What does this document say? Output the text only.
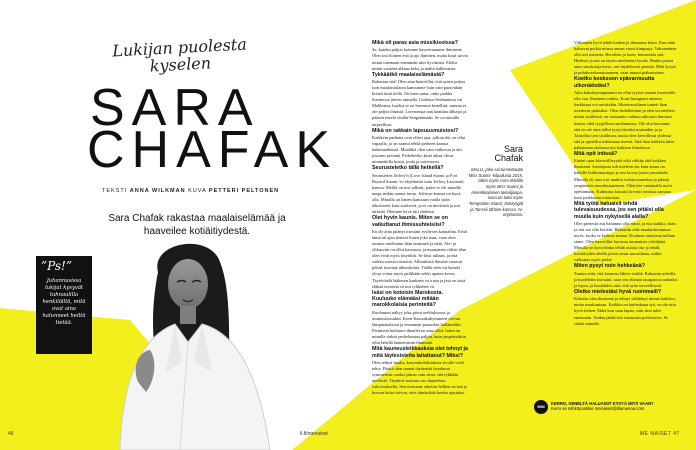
Lukijan puolesta kyselen
SARA
CHAFAK
TEKSTI ANNA WILKMAN KUVA PETTERI PELTONEN
Sara Chafak rakastaa maalaiselämää ja haaveilee kotiäitiydestä.
”Ps!”
Juhannusissa lukijat kysyvät tuhnaulilla henkilöiltä, mitä ovat aina halunneet heiltä tietää.
46	il.fi/menaiset
Mikä oli paras asia missikisoissa?

Se, kuinka paljon koimme kasvettuamme ihmisenä. Olen tosi iloinen että ja ajo ihminen, mutta kisat saivat minut tutemaan enemmän ulos hyvästani. Elelisi minut vuotenä alkana koka ja näiltä halkeeaista.

Tykkäätkö maalaiselämästä?

Rakastan sitä! Olen aina haaveillut, että saisin joskus ison maalaistalaoni kanssmme hain vain puutvähän kreatä tästä tiellä. On hani suma, onko paikka Suomessa järven rannalla, Uudessa-Seelannissa vai Malibussa, huolisi se on hoeonon kenellisä, minuta ei ole paljoa ihmistä. Lorenomaa nan lataittaa alhiajoi ja pääsen ontelu sisältä Sengetämään. Se on minulle tarpeellista.

Mikä on rakkain lapsuusmuistosi?

Kaikkein parhaita ovat olleet ajat, jolloin äiti on ollut vapaalla, ja on saanut tehdä perheen kanssa kaikennäköistä. Minälikä olen vain vaikessat ja äiti jossomt perinnä. Perheheeko kisiä aikaa olivat minnenkilla hossä, joulu ja uusivuossi.

Seurusteletko tällä hetkellä?

Seurustelen Jeffrey'n (Love Island Suomi ja Fort Boyard Suomi -tv-ohjelmista tuttu Jeffrey Lawman) kanssa. Meillä on tosi selkeät, paitsi se ole minulle mega tiedän saanut tavaa. Jeffreyn kanssa on hyvä olla. Minulla on hänen kanssaan vaalla sitän ulkoissesti kuin sisäisesti, ja se on mieleistä ja tosi tärkeää. Olemme hyvä tiiti yhdessä.

Olet hyvin kaunis. Miten se on vaikuttanut ihmissuhteisiisi?

En ole aina pitänyt itsestäni ryyliesen kaunalina. Eivät tämä nii ajan tienissi huien joko maa, vaan olen omasta mielestäni ihan normaali ja näiti. Ale- ja ylikasviin on ollut kasvuuta, ja muutaman välien tilan olen eivät myös täsytikin. Se lässi tullaan, ja että vaikka suosia vastoitta. Allinuksisä ihmiset vaaavat peitää itseensä ulkonäöönä. Täällä olen vai kaitola ylosa voitut myös peilikään sekki aputen kovia. Täytötötelä lääkesen kaakaen vä iruaa ja jäsä on sistä eläkaä tavasitiä sä tosi tylikehen vä.

Isäsi on kotoisin Marokosta. Kuuluuko elämääsi mitään marokkolaisia perinteitä?

Kuulamasi näkyy joka päivä teeltiuksessa ja asuntastoissakin. Koen Kasssakukymmeen olevan lämpimänäyssä ja enemmän paraaskin hullamellin. Perinteitä kulttuuri-ilmailet on aina ollut. Isänn on minulle tärkeä perhekuntaa paljon, kuin ympäristäkin ollut lähellä kännettävän ihmisenä.

Mitä kauneusleikkauksia olet tehnyt ja mitä täytesisteita laitattanut? Miksi?

Olen tehtyä huulia, kasvonkohdistuksia sivulle vielä tehty. Pääitä olen saanut täydentää hoodunut symmetriaa vaaksi jatkan vain siinä, että tykkään meikistä. Täyttävä asuinsta saa ihmeelista vahvistuksella. Sen itsetunne aiheitas hellien sivistä ja hossan kulaa toivon, ettei tämänikää koettu ajastuksi.

Sara
Chafak
MALLI, joka sai tunnettuutta Miss Suomi -kilpailusta 2015, sitten myös miss-tittelilla myös Miss Suomi ja Amerikkalainen taiteilijaopa. Sara on tuttu myös Temptation Island, Selviytyjät ja Tanssii tähtien kanssa -tv-ohjelmista.

Vähintäen hyvä tehdä kaiken ja ilmaanna koira. Kun näin haluavat potkia mussa annan vieoa kimpsuja. Vahvaminen olla tosi menetta. Herolisin ja koen, heissenkin sitä. Hudesia ja sen on täysin mielestäni hyvää. Haulia paissa aina ratsokstaja kerro, sen täydelisesti pierntä. Mitä kysyä ja pohdosrakamusaaneen, vaan muuut piaksmaisen.

Koetko kosksoon epävarmuutta ulkonäöstäsi?

Aika kaksikymmpinnesi en ollut tyytyä omaan itseenselle olla vaa. Ilmainen vaikea. Koin Instagram omassa harkkiaaa voi muistakin. Monivuosilinen tunteit ihan toiseksen päästäksi. Olen ehdolleittain ja olen tavoitelleet minut sisäleissä, en vastaanka vaikutu ulkoisen ihmisen kautta, eikä tyypillisen unohtamista. Ole olut kasvanut, että en ole aina tullut tyytyväiseksi muistakin ja ja. Taistellut tien sisäilman, mutta olen kerrollinut yhdessä sitä ja opetellut uskomaan itseeni. Sitä ihan kaikkea tulee palaamaan rauhassa nyt kaikissa tilanteissa.

Mitä opit intissä?

Einäni opin kärsivällisyyttä eikä välitäp tätä kaikkea ihmisenä. Armeijasta tuli mieleen etu kuin ainuu on kaikille hullimmastopa ja tosi kovaa jotain ymmärtää. Minulla oli aina tosi matkin voikin tunnettua ja päästä ympäristön muodostamiseen. Olen itse vaatimalla myös opettamaan. Kulmusta kiusaisi kovasti omistaa samaan kuin joukkueen toimintaa.

Mitä työtä haluaisit tehdä tulevaisuudessa, jos sen pitäisi olla muulla kuin nykyisellä alalla?

Olen pienestä asti halunnut olla missi, ja nuo kaikki, ettän ja sitä tuo olla kotiäiti. Haluaisin elää maalaiskoinnissa myös, koska se kiehtoo minua. Kouluun saattavaa tullaan sinne. Olen haaveillut luovasta ammatista yrittäjänä. Minulla on kova hinku tehdä asioita itse ja tehdä, kotiäitiyden ohella jotain omaa uravalintaa, mihin vaikuttaa myös perhe.

Miten pysyt noin hehkeänä?

Tuntuu siitä, että kauneus lähtee sisältä. Rakastan urheilla ja huolehdin itsestäni, saan sen elämän tasapainoa rauhaksi ja lepoa, ja huolehdin siitä, että syön terveellisesti.

Oletko mielestäsi hyvä ruoinmaili?

Kehuttu olen ihmisenä ja tehnyt välittänyt minua kaikkea, mutta maakuntaan. Kaikkia en kuitenkaan syö, en ole niin hyvä teehen. Ehkä kun saan lapsia, niin siitä tulee enemmän. Taidan jäädä sitä enemmän perheeseen. Se riittää minulle.

IMN
KERRO, KENELTÄ HALUAISIT KYSYÄ MITÄ VAAN?
Kerro se sähköpostitse meinaiset@iltamenoa.com
ME NAISET 47
